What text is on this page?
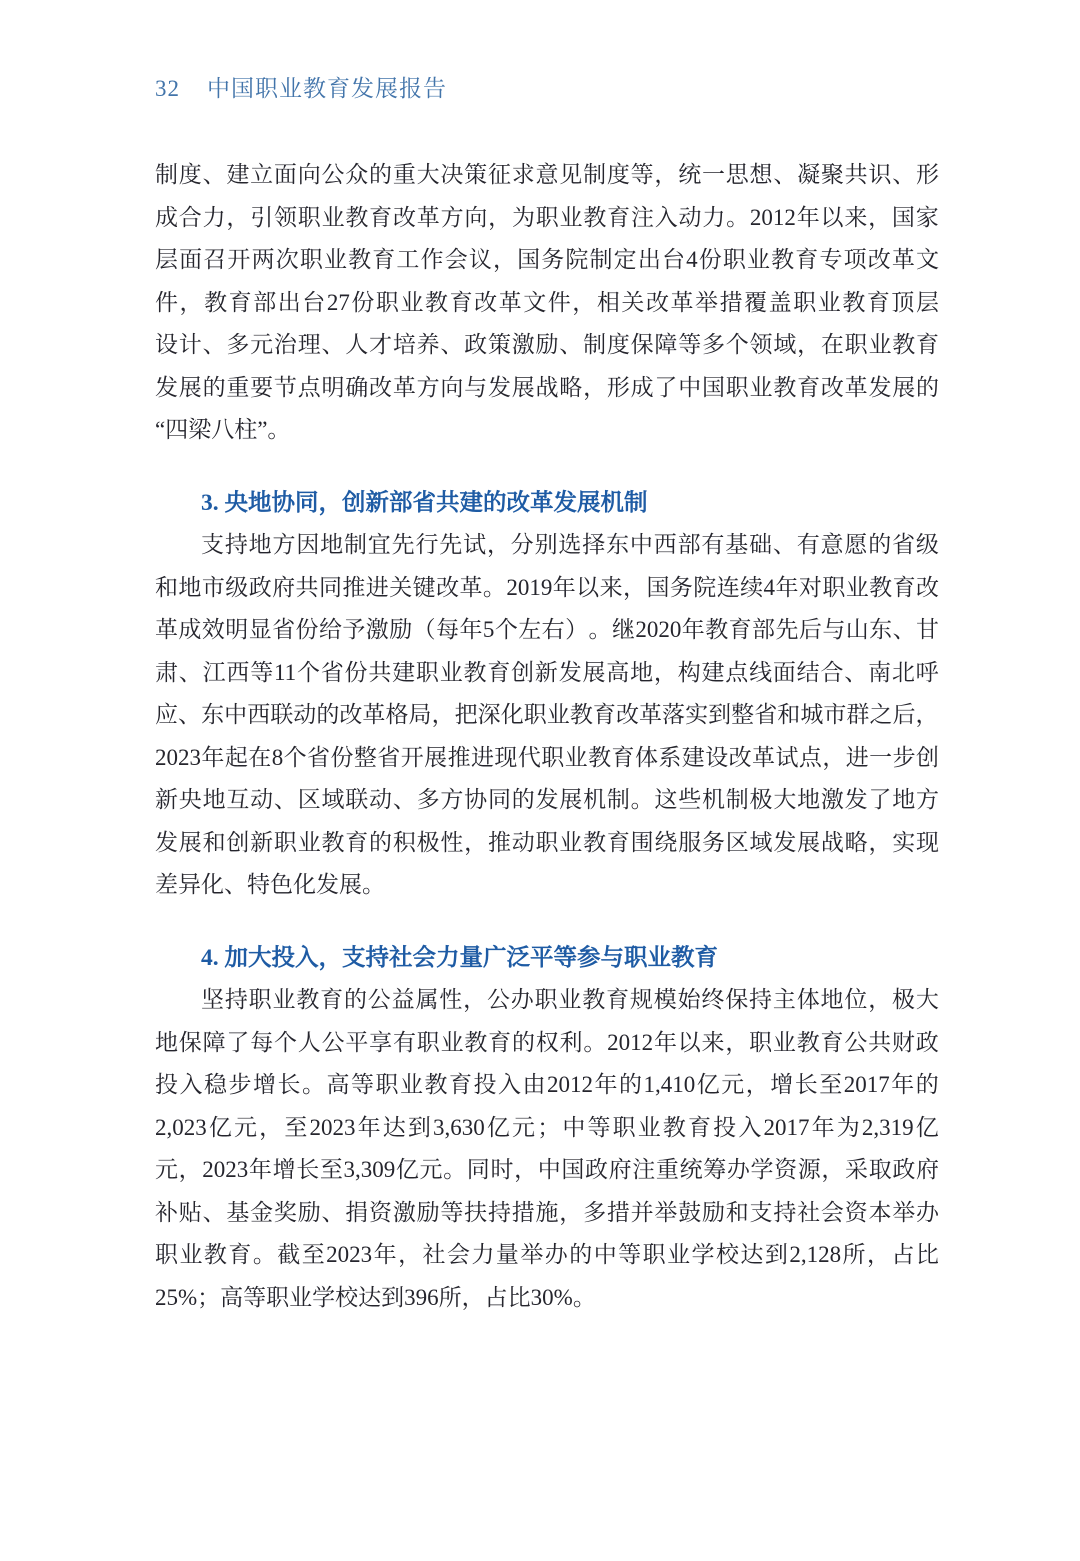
32 中国职业教育发展报告
制 度 、 建 立 面 向 公 众 的 重 大 决 策 征 求 意 见 制 度 等 ， 统 一 思 想 、 凝 聚 共 识 、 形
成 合 力 ， 引 领 职 业 教 育 改 革 方 向 ， 为 职 业 教 育 注 入 动 力 。 2012 年 以 来 ， 国 家
层 面 召 开 两 次 职 业 教 育 工 作 会 议 ， 国 务 院 制 定 出 台 4 份 职 业 教 育 专 项 改 革 文
件 ， 教 育 部 出 台 27 份 职 业 教 育 改 革 文 件 ， 相 关 改 革 举 措 覆 盖 职 业 教 育 顶 层
设 计 、 多 元 治 理 、 人 才 培 养 、 政 策 激 励 、 制 度 保 障 等 多 个 领 域 ， 在 职 业 教 育
发 展 的 重 要 节 点 明 确 改 革 方 向 与 发 展 战 略 ， 形 成 了 中 国 职 业 教 育 改 革 发 展 的
“四梁八柱”。
3. 央地协同，创新部省共建的改革发展机制
支 持 地 方 因 地 制 宜 先 行 先 试 ， 分 别 选 择 东 中 西 部 有 基 础 、 有 意 愿 的 省 级
和 地 市 级 政 府 共 同 推 进 关 键 改 革 。 2019 年 以 来 ， 国 务 院 连 续 4 年 对 职 业 教 育 改
革 成 效 明 显 省 份 给 予 激 励 （ 每 年 5 个 左 右 ） 。 继 2020 年 教 育 部 先 后 与 山 东 、 甘
肃 、 江 西 等 11 个 省 份 共 建 职 业 教 育 创 新 发 展 高 地 ， 构 建 点 线 面 结 合 、 南 北 呼
应 、 东 中 西 联 动 的 改 革 格 局 ， 把 深 化 职 业 教 育 改 革 落 实 到 整 省 和 城 市 群 之 后 ，
2023 年 起 在 8 个 省 份 整 省 开 展 推 进 现 代 职 业 教 育 体 系 建 设 改 革 试 点 ， 进 一 步 创
新 央 地 互 动 、 区 域 联 动 、 多 方 协 同 的 发 展 机 制 。 这 些 机 制 极 大 地 激 发 了 地 方
发 展 和 创 新 职 业 教 育 的 积 极 性 ， 推 动 职 业 教 育 围 绕 服 务 区 域 发 展 战 略 ， 实 现
差异化、特色化发展。
4. 加大投入，支持社会力量广泛平等参与职业教育
坚 持 职 业 教 育 的 公 益 属 性 ， 公 办 职 业 教 育 规 模 始 终 保 持 主 体 地 位 ， 极 大
地 保 障 了 每 个 人 公 平 享 有 职 业 教 育 的 权 利 。 2012 年 以 来 ， 职 业 教 育 公 共 财 政
投 入 稳 步 增 长 。 高 等 职 业 教 育 投 入 由 2012 年 的 1,410 亿 元 ， 增 长 至 2017 年 的
2,023 亿 元 ， 至 2023 年 达 到 3,630 亿 元 ； 中 等 职 业 教 育 投 入 2017 年 为 2,319 亿
元 ， 2023 年 增 长 至 3,309 亿 元 。 同 时 ， 中 国 政 府 注 重 统 筹 办 学 资 源 ， 采 取 政 府
补 贴 、 基 金 奖 励 、 捐 资 激 励 等 扶 持 措 施 ， 多 措 并 举 鼓 励 和 支 持 社 会 资 本 举 办
职 业 教 育 。 截 至 2023 年 ， 社 会 力 量 举 办 的 中 等 职 业 学 校 达 到 2,128 所 ， 占 比
25%；高等职业学校达到396所，占比30%。
